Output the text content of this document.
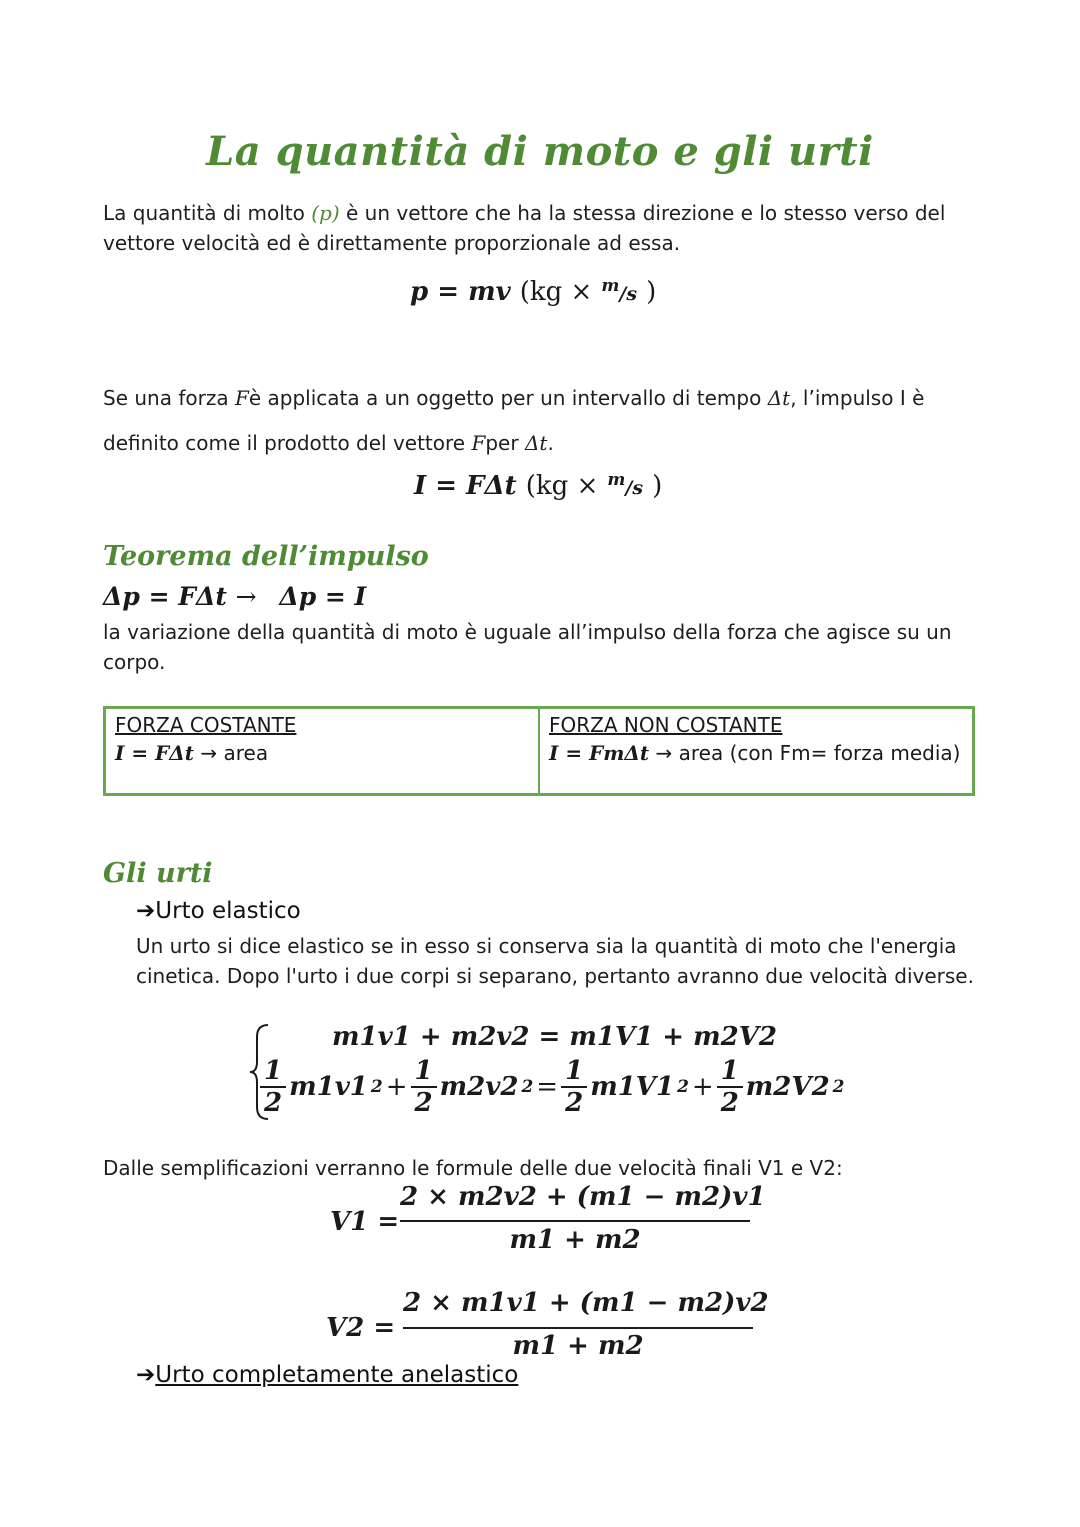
La quantità di moto e gli urti
La quantità di molto (p) è un vettore che ha la stessa direzione e lo stesso verso del vettore velocità ed è direttamente proporzionale ad essa.
p = mv (kg × $^m$/s )
Se una forza Fè applicata a un oggetto per un intervallo di tempo Δt, l’impulso I è
definito come il prodotto del vettore Fper Δt.
I = FΔt (kg × $^m$/s )
Teorema dell’impulso
Δp = FΔt → Δp = I
la variazione della quantità di moto è uguale all’impulso della forza che agisce su un corpo.
FORZA COSTANTE
I = FΔt → area
FORZA NON COSTANTE
I = FmΔt → area (con Fm= forza media)
Gli urti
➔Urto elastico
Un urto si dice elastico se in esso si conserva sia la quantità di moto che l'energia cinetica. Dopo l'urto i due corpi si separano, pertanto avranno due velocità diverse.
m1v1 + m2v2 = m1V1 + m2V2
$\frac{1}{2} m1v1$ $2 + \frac{1}{2} m2v2$ $2 = \frac{1}{2} m1V1$ $2 + \frac{1}{2} m2V2$ 2
Dalle semplificazioni verranno le formule delle due velocità finali V1 e V2:
V1 =
2 × m2v2 + (m1 − m2)v1
m1 + m2
V2 =
2 × m1v1 + (m1 − m2)v2
m1 + m2
➔Urto completamente anelastico
